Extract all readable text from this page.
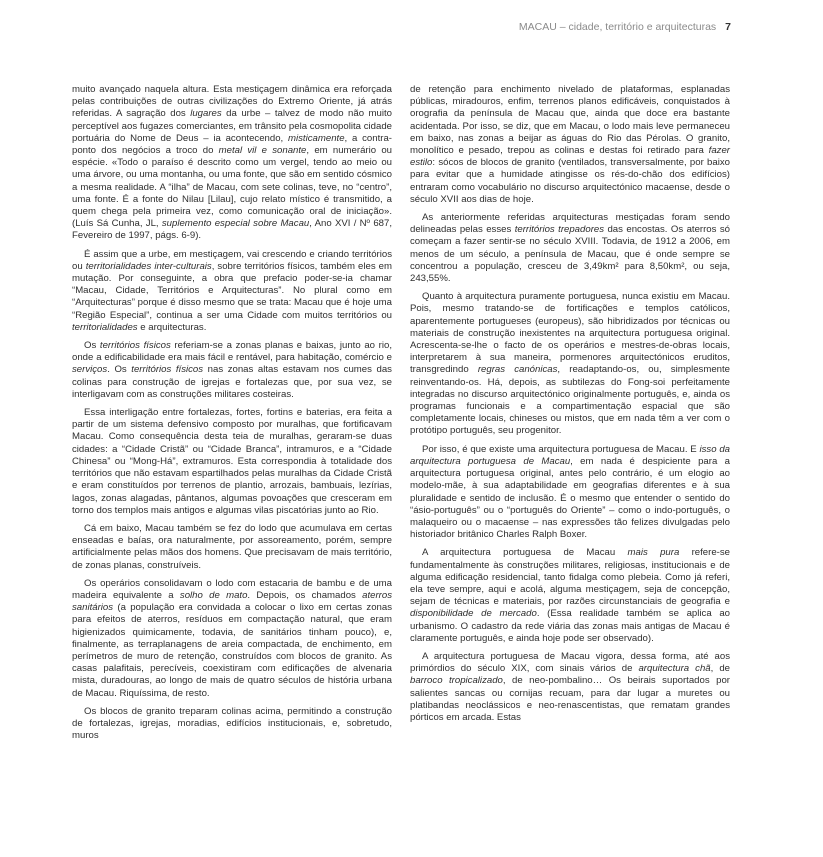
MACAU – cidade, território e arquitecturas 7

muito avançado naquela altura. Esta mestiçagem dinâmica era reforçada pelas contribuições de outras civilizações do Extremo Oriente, já atrás referidas. A sagração dos lugares da urbe – talvez de modo não muito perceptível aos fugazes comerciantes, em trânsito pela cosmopolita cidade portuária do Nome de Deus – ia acontecendo, misticamente, a contra-ponto dos negócios a troco do metal vil e sonante, em numerário ou espécie. «Todo o paraíso é descrito como um vergel, tendo ao meio ou uma árvore, ou uma montanha, ou uma fonte, que são em sentido cósmico a mesma realidade. A “ilha” de Macau, com sete colinas, teve, no “centro”, uma fonte. É a fonte do Nilau [Lilau], cujo relato místico é transmitido, a quem chega pela primeira vez, como comunicação oral de iniciação». (Luís Sá Cunha, JL, suplemento especial sobre Macau, Ano XVI / Nº 687, Fevereiro de 1997, págs. 6-9).

É assim que a urbe, em mestiçagem, vai crescendo e criando territórios ou territorialidades inter-culturais, sobre territórios físicos, também eles em mutação. Por conseguinte, a obra que prefacio poder-se-ia chamar “Macau, Cidade, Territórios e Arquitecturas”. No plural como em “Arquitecturas” porque é disso mesmo que se trata: Macau que é hoje uma “Região Especial”, continua a ser uma Cidade com muitos territórios ou territorialidades e arquitecturas.

Os territórios físicos referiam-se a zonas planas e baixas, junto ao rio, onde a edificabilidade era mais fácil e rentável, para habitação, comércio e serviços. Os territórios físicos nas zonas altas estavam nos cumes das colinas para construção de igrejas e fortalezas que, por sua vez, se interligavam com as construções militares costeiras.

Essa interligação entre fortalezas, fortes, fortins e baterias, era feita a partir de um sistema defensivo composto por muralhas, que fortificavam Macau. Como consequência desta teia de muralhas, geraram-se duas cidades: a “Cidade Cristã” ou “Cidade Branca”, intramuros, e a “Cidade Chinesa” ou “Mong-Há”, extramuros. Esta correspondia à totalidade dos territórios que não estavam espartilhados pelas muralhas da Cidade Cristã e eram constituídos por terrenos de plantio, arrozais, bambuais, lezírias, lagos, zonas alagadas, pântanos, algumas povoações que cresceram em torno dos templos mais antigos e algumas vilas piscatórias junto ao Rio.

Cá em baixo, Macau também se fez do lodo que acumulava em certas enseadas e baías, ora naturalmente, por assoreamento, porém, sempre artificialmente pelas mãos dos homens. Que precisavam de mais território, de zonas planas, construíveis.

Os operários consolidavam o lodo com estacaria de bambu e de uma madeira equivalente a solho de mato. Depois, os chamados aterros sanitários (a população era convidada a colocar o lixo em certas zonas para efeitos de aterros, resíduos em compactação natural, que eram higienizados quimicamente, todavia, de sanitários tinham pouco), e, finalmente, as terraplanagens de areia compactada, de enchimento, em perímetros de muro de retenção, construídos com blocos de granito. As casas palafitais, perecíveis, coexistiram com edificações de alvenaria mista, duradouras, ao longo de mais de quatro séculos de história urbana de Macau. Riquíssima, de resto.

Os blocos de granito treparam colinas acima, permitindo a construção de fortalezas, igrejas, moradias, edifícios institucionais, e, sobretudo, muros

de retenção para enchimento nivelado de plataformas, esplanadas públicas, miradouros, enfim, terrenos planos edificáveis, conquistados à orografia da península de Macau que, ainda que doce era bastante acidentada. Por isso, se diz, que em Macau, o lodo mais leve permaneceu em baixo, nas zonas a beijar as águas do Rio das Pérolas. O granito, monolítico e pesado, trepou as colinas e destas foi retirado para fazer estilo: sócos de blocos de granito (ventilados, transversalmente, por baixo para evitar que a humidade atingisse os rés-do-chão dos edifícios) entraram como vocabulário no discurso arquitectónico macaense, desde o século XVII aos dias de hoje.

As anteriormente referidas arquitecturas mestiçadas foram sendo delineadas pelas esses territórios trepadores das encostas. Os aterros só começam a fazer sentir-se no século XVIII. Todavia, de 1912 a 2006, em menos de um século, a península de Macau, que é onde sempre se concentrou a população, cresceu de 3,49km² para 8,50km², ou seja, 243,55%.

Quanto à arquitectura puramente portuguesa, nunca existiu em Macau. Pois, mesmo tratando-se de fortificações e templos católicos, aparentemente portugueses (europeus), são hibridizados por técnicas ou materiais de construção inexistentes na arquitectura portuguesa original. Acrescenta-se-lhe o facto de os operários e mestres-de-obras locais, interpretarem à sua maneira, pormenores arquitectónicos eruditos, transgredindo regras canónicas, readaptando-os, ou, simplesmente reinventando-os. Há, depois, as subtilezas do Fong-soi perfeitamente integradas no discurso arquitectónico originalmente português, e, ainda os programas funcionais e a compartimentação espacial que são completamente locais, chineses ou mistos, que em nada têm a ver com o protótipo português, seu progenitor.

Por isso, é que existe uma arquitectura portuguesa de Macau. E isso da arquitectura portuguesa de Macau, em nada é despiciente para a arquitectura portuguesa original, antes pelo contrário, é um elogio ao modelo-mãe, à sua adaptabilidade em geografias diferentes e à sua pluralidade e sentido de inclusão. É o mesmo que entender o sentido do “ásio-português” ou o “português do Oriente” – como o indo-português, o malaqueiro ou o macaense – nas expressões tão felizes divulgadas pelo historiador britânico Charles Ralph Boxer.

A arquitectura portuguesa de Macau mais pura refere-se fundamentalmente às construções militares, religiosas, institucionais e de alguma edificação residencial, tanto fidalga como plebeia. Como já referi, ela teve sempre, aqui e acolá, alguma mestiçagem, seja de concepção, sejam de técnicas e materiais, por razões circunstanciais de geografia e disponibilidade de mercado. (Essa realidade também se aplica ao urbanismo. O cadastro da rede viária das zonas mais antigas de Macau é claramente português, e ainda hoje pode ser observado).

A arquitectura portuguesa de Macau vigora, dessa forma, até aos primórdios do século XIX, com sinais vários de arquitectura chã, de barroco tropicalizado, de neo-pombalino… Os beirais suportados por salientes sancas ou cornijas recuam, para dar lugar a muretes ou platibandas neoclássicos e neo-renascentistas, que rematam grandes pórticos em arcada. Estas
